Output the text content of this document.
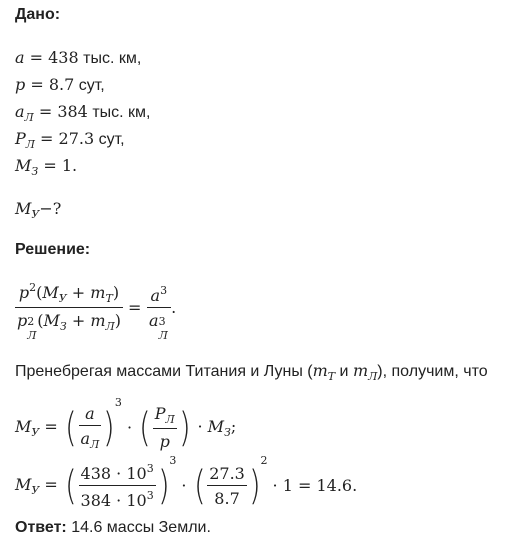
Дано:
a = 438 тыс. км,
p = 8.7 сут,
$a_Л = 384$ тыс. км,
$P_Л = 27.3$ сут,
$M_З = 1$.
$M_У-$?
Решение:
$p^2(M_У + m_Т)$
p 2
Л
$(M_З + m_Л) = a^3$
a 3
Л .
Пренебрегая массами Титания и Луны ($m_Т$ и $m_Л$), получим, что
$M_У$ = ( $\frac{a}{a_Л} )3$ · ( $\frac{P_Л}{p}$ ) · $M_З$;
$M_У$ = ( $\frac{438 \cdot 10^3}{384 \cdot 10^3} )3$ · ( $\frac{27.3}{8.7} )2 \cdot 1 = 14.6$.
Ответ: 14.6 массы Земли.
